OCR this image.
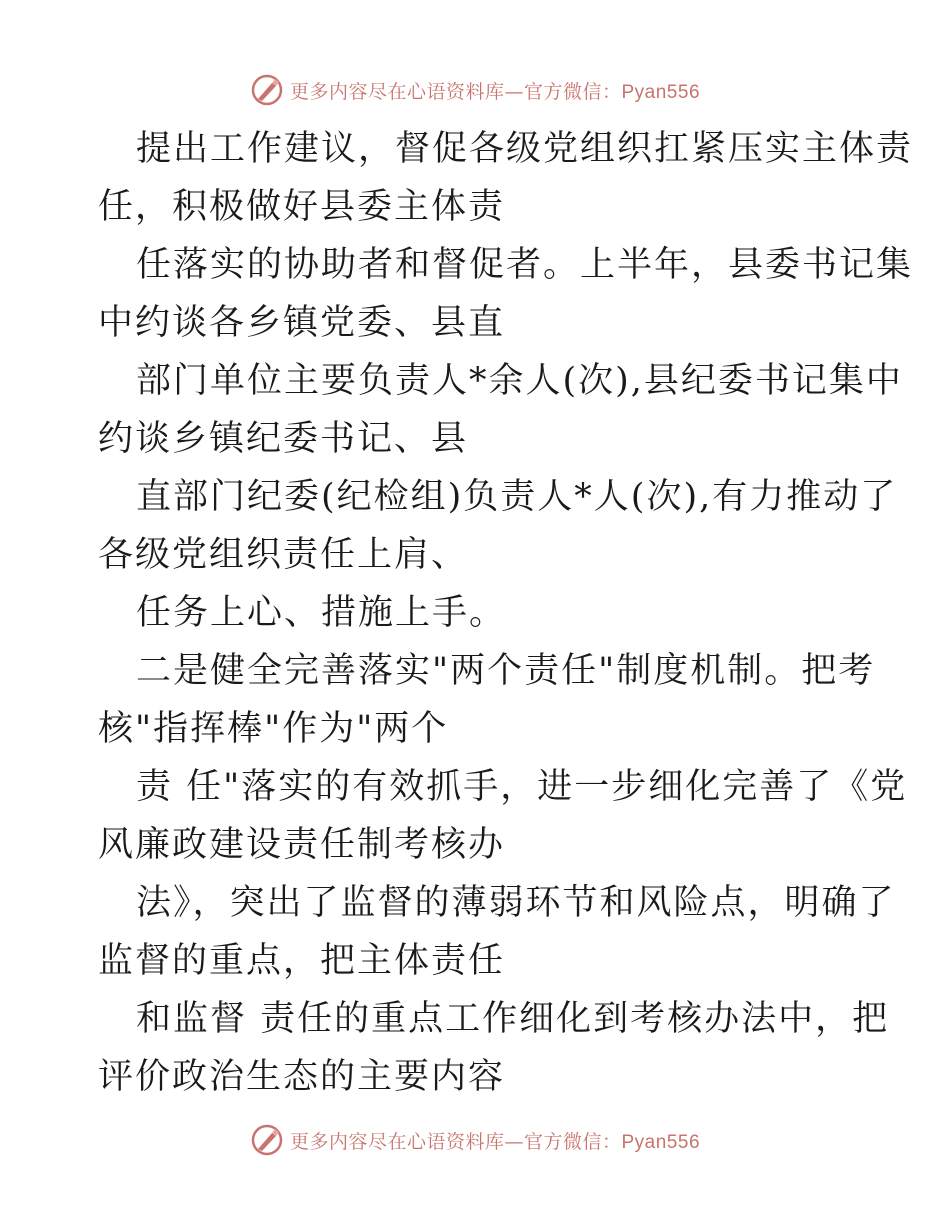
更多内容尽在心语资料库—官方微信：Pyan556
提出工作建议，督促各级党组织扛紧压实主体责
任，积极做好县委主体责
任落实的协助者和督促者。上半年，县委书记集
中约谈各乡镇党委、县直
部门单位主要负责人*余人(次),县纪委书记集中
约谈乡镇纪委书记、县
直部门纪委(纪检组)负责人*人(次),有力推动了
各级党组织责任上肩、
任务上心、措施上手。
二是健全完善落实"两个责任"制度机制。把考
核"指挥棒"作为"两个
责 任"落实的有效抓手，进一步细化完善了《党
风廉政建设责任制考核办
法》，突出了监督的薄弱环节和风险点，明确了
监督的重点，把主体责任
和监督 责任的重点工作细化到考核办法中，把
评价政治生态的主要内容
更多内容尽在心语资料库—官方微信：Pyan556
